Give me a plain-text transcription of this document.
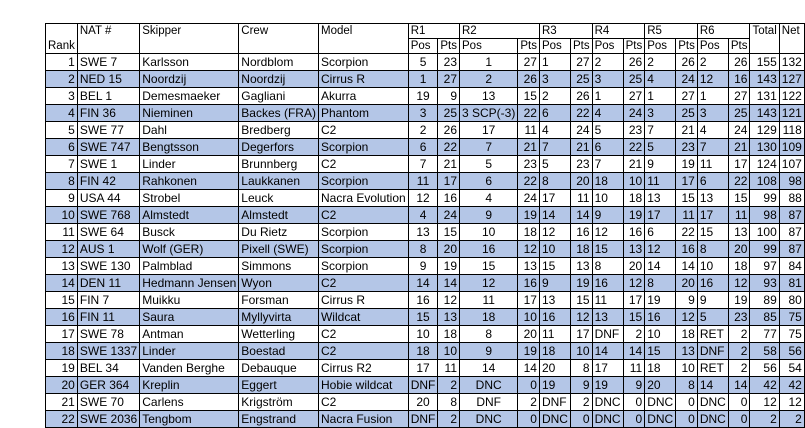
Rank	NAT #	Skipper	Crew	Model	R1		R2		R3		R4		R5		R6		Total	Net
					Pos	Pts	Pos	Pts	Pos	Pts	Pos	Pts	Pos	Pts	Pos	Pts		
1	SWE 7	Karlsson	Nordblom	Scorpion	5	23	1	27	1	27	2	26	2	26	2	26	155	132
2	NED 15	Noordzij	Noordzij	Cirrus R	1	27	2	26	3	25	3	25	4	24	12	16	143	127
3	BEL 1	Demesmaeker	Gagliani	Akurra	19	9	13	15	2	26	1	27	1	27	1	27	131	122
4	FIN 36	Nieminen	Backes (FRA)	Phantom	3	25	3 SCP(-3)	22	6	22	4	24	3	25	3	25	143	121
5	SWE 77	Dahl	Bredberg	C2	2	26	17	11	4	24	5	23	7	21	4	24	129	118
6	SWE 747	Bengtsson	Degerfors	Scorpion	6	22	7	21	7	21	6	22	5	23	7	21	130	109
7	SWE 1	Linder	Brunnberg	C2	7	21	5	23	5	23	7	21	9	19	11	17	124	107
8	FIN 42	Rahkonen	Laukkanen	Scorpion	11	17	6	22	8	20	18	10	11	17	6	22	108	98
9	USA 44	Strobel	Leuck	Nacra Evolution	12	16	4	24	17	11	10	18	13	15	13	15	99	88
10	SWE 768	Almstedt	Almstedt	C2	4	24	9	19	14	14	9	19	17	11	17	11	98	87
11	SWE 64	Busck	Du Rietz	Scorpion	13	15	10	18	12	16	12	16	6	22	15	13	100	87
12	AUS 1	Wolf (GER)	Pixell (SWE)	Scorpion	8	20	16	12	10	18	15	13	12	16	8	20	99	87
13	SWE 130	Palmblad	Simmons	Scorpion	9	19	15	13	15	13	8	20	14	14	10	18	97	84
14	DEN 11	Hedmann Jensen	Wyon	C2	14	14	12	16	9	19	16	12	8	20	16	12	93	81
15	FIN 7	Muikku	Forsman	Cirrus R	16	12	11	17	13	15	11	17	19	9	9	19	89	80
16	FIN 11	Saura	Myllyvirta	Wildcat	15	13	18	10	16	12	13	15	16	12	5	23	85	75
17	SWE 78	Antman	Wetterling	C2	10	18	8	20	11	17	DNF	2	10	18	RET	2	77	75
18	SWE 1337	Linder	Boestad	C2	18	10	9	19	18	10	14	14	15	13	DNF	2	58	56
19	BEL 34	Vanden Berghe	Debauque	Cirrus R2	17	11	14	14	20	8	17	11	18	10	RET	2	56	54
20	GER 364	Kreplin	Eggert	Hobie wildcat	DNF	2	DNC	0	19	9	19	9	20	8	14	14	42	42
21	SWE 70	Carlens	Krigström	C2	20	8	DNF	2	DNF	2	DNC	0	DNC	0	DNC	0	12	12
22	SWE 2036	Tengbom	Engstrand	Nacra Fusion	DNF	2	DNC	0	DNC	0	DNC	0	DNC	0	DNC	0	2	2
